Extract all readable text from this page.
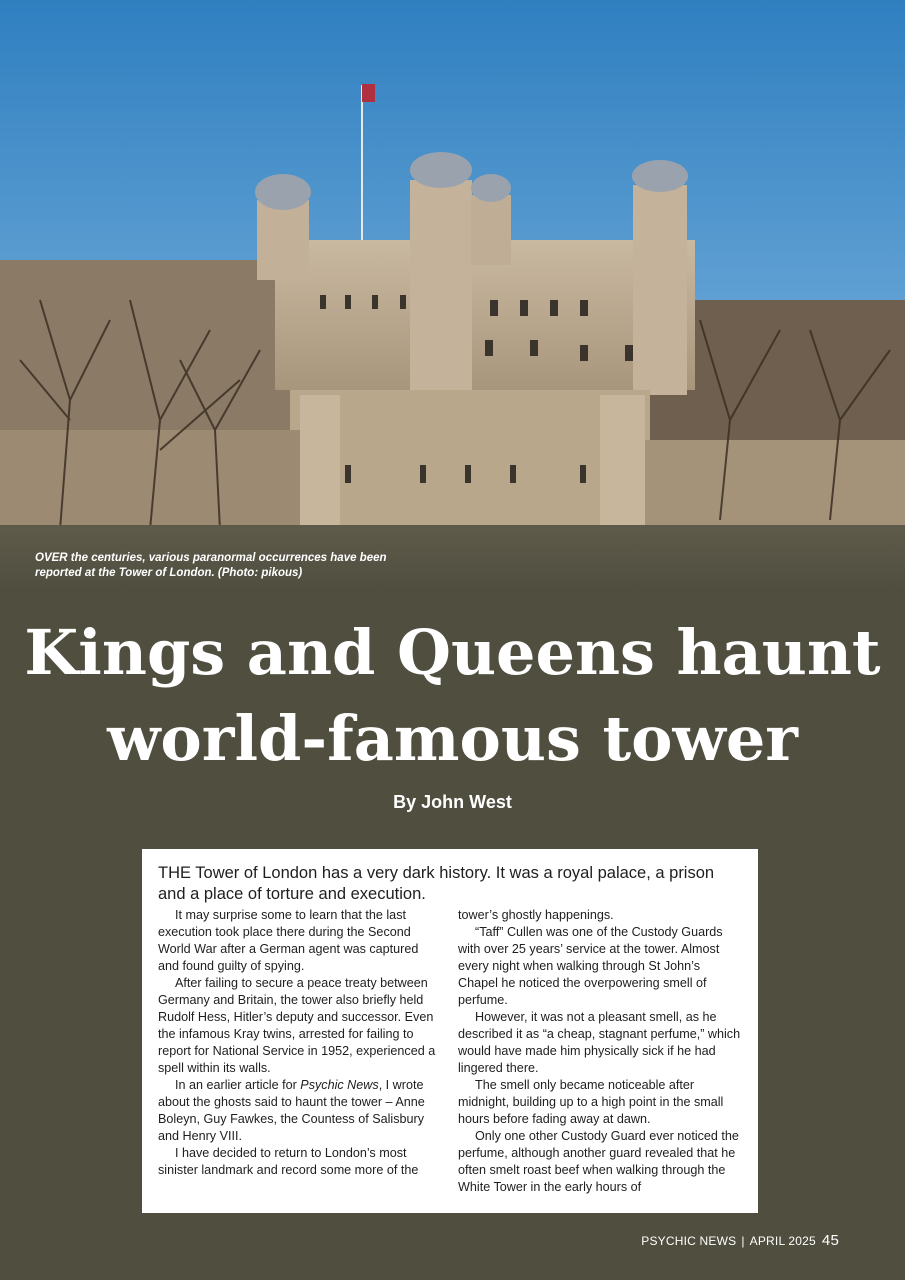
OVER the centuries, various paranormal occurrences have been reported at the Tower of London. (Photo: pikous)
Kings and Queens haunt
world-famous tower
By John West

THE Tower of London has a very dark history. It was a royal palace, a prison and a place of torture and execution.

It may surprise some to learn that the last execution took place there during the Second World War after a German agent was captured and found guilty of spying.

After failing to secure a peace treaty between Germany and Britain, the tower also briefly held Rudolf Hess, Hitler’s deputy and successor. Even the infamous Kray twins, arrested for failing to report for National Service in 1952, experienced a spell within its walls.

In an earlier article for Psychic News, I wrote about the ghosts said to haunt the tower – Anne Boleyn, Guy Fawkes, the Countess of Salisbury and Henry VIII.

I have decided to return to London’s most sinister landmark and record some more of the

tower’s ghostly happenings.

“Taff” Cullen was one of the Custody Guards with over 25 years’ service at the tower. Almost every night when walking through St John’s Chapel he noticed the overpowering smell of perfume.

However, it was not a pleasant smell, as he described it as “a cheap, stagnant perfume,” which would have made him physically sick if he had lingered there.

The smell only became noticeable after midnight, building up to a high point in the small hours before fading away at dawn.

Only one other Custody Guard ever noticed the perfume, although another guard revealed that he often smelt roast beef when walking through the White Tower in the early hours of

PSYCHIC NEWS | APRIL 2025 45
